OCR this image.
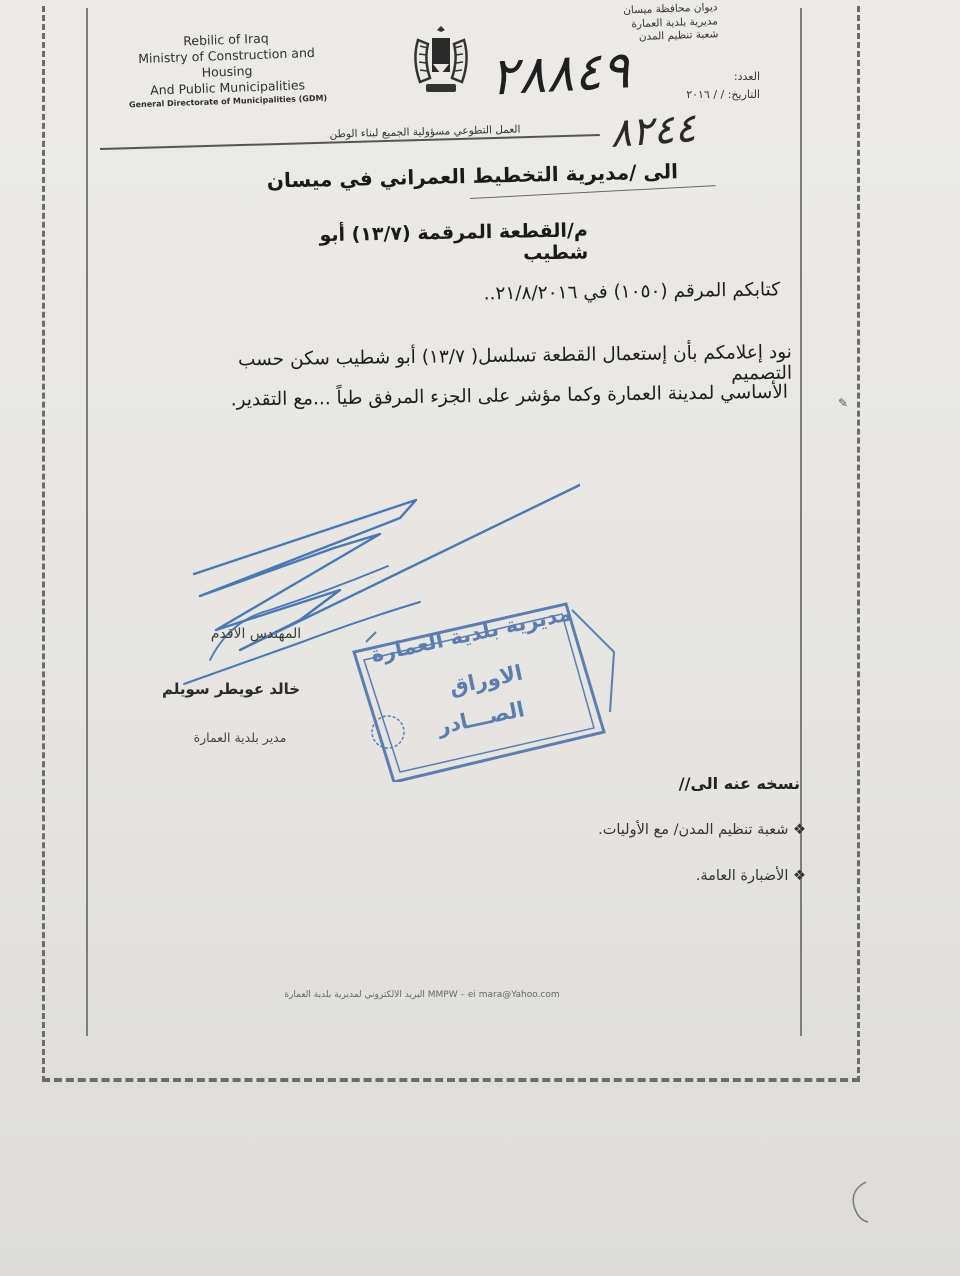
Rebilic of Iraq
Ministry of Construction and
Housing
And Public Municipalities
General Directorate of Municipalities (GDM)
ديوان محافظة ميسان
مديرية بلدية العمارة
شعبة تنظيم المدن
العدد:
التاريخ: / / ٢٠١٦
٢٨٨٤٩
٨٢٤٤
العمل التطوعي مسؤولية الجميع لبناء الوطن
الى /مديرية التخطيط العمراني في ميسان
م/القطعة المرقمة (١٣/٧) أبو شطيب
كتابكم المرقم (١٠٥٠) في ٢١/٨/٢٠١٦..
نود إعلامكم بأن إستعمال القطعة تسلسل( ١٣/٧) أبو شطيب سكن حسب التصميم
الأساسي لمدينة العمارة وكما مؤشر على الجزء المرفق طياً ...مع التقدير.	✎
المهندس الاقدم
خالد عويطر سويلم
مدير بلدية العمارة
مديرية بلدية العمارة
الاوراق
الصـــادر
نسخه عنه الى//
❖ شعبة تنظيم المدن/ مع الأوليات.
❖ الأضبارة العامة.
البريد الالكتروني لمديرية بلدية العمارة MMPW – ei mara@Yahoo.com
